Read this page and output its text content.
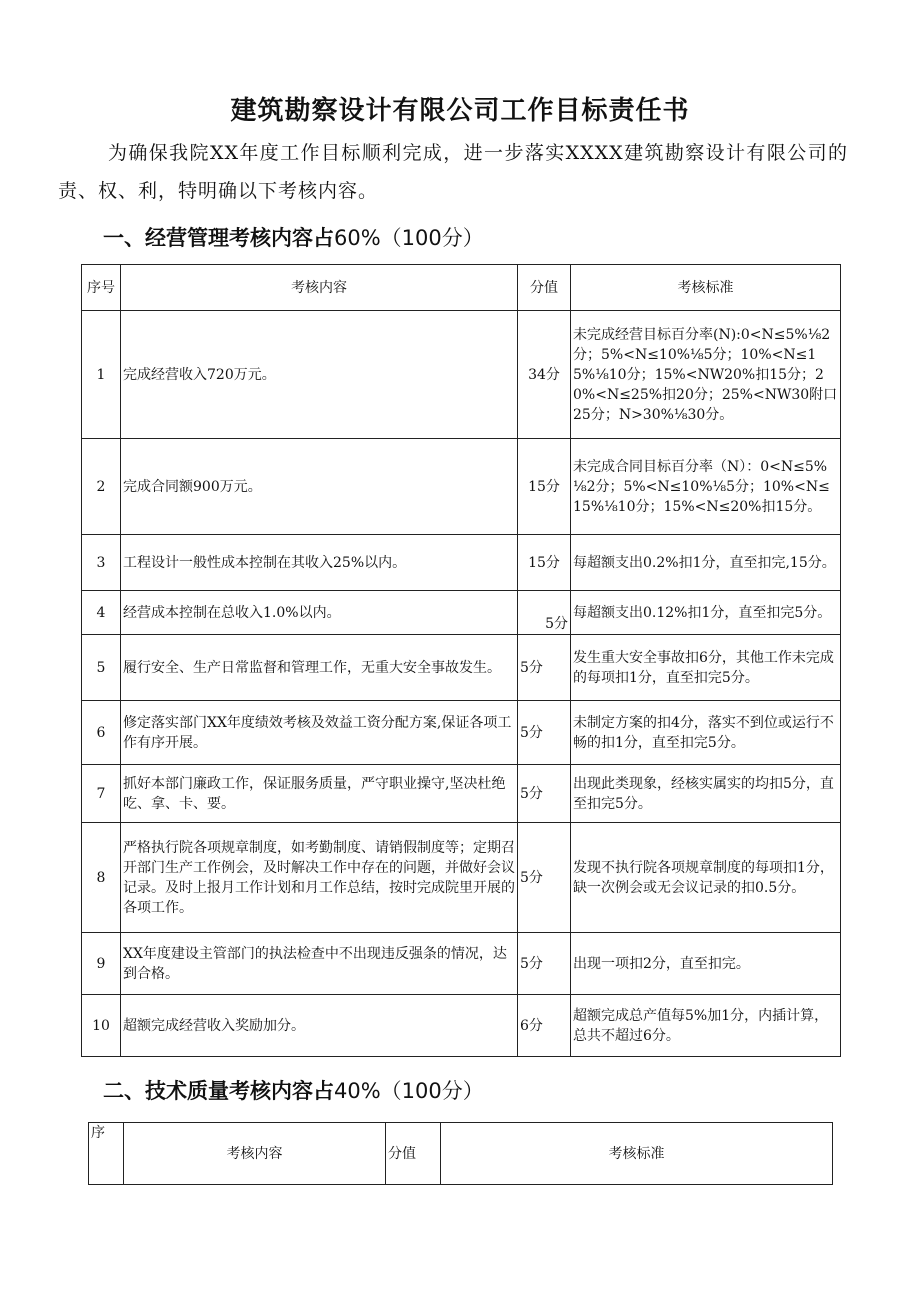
建筑勘察设计有限公司工作目标责任书
为确保我院XX年度工作目标顺利完成，进一步落实XXXX建筑勘察设计有限公司的责、权、利，特明确以下考核内容。
一、经营管理考核内容占60%（100分）
序号	考核内容	分值	考核标准
1	完成经营收入720万元。	34分	未完成经营目标百分率(N):0<N≤5%⅛2分；5%<N≤10%⅛5分；10%<N≤15%⅛10分；15%<NW20%扣15分；20%<N≤25%扣20分；25%<NW30附口25分；N>30%⅛30分。
2	完成合同额900万元。	15分	未完成合同目标百分率（N）：0<N≤5%⅛2分；5%<N≤10%⅛5分；10%<N≤15%⅛10分；15%<N≤20%扣15分。
3	工程设计一般性成本控制在其收入25%以内。	15分	每超额支出0.2%扣1分，直至扣完,15分。
4	经营成本控制在总收入1.0%以内。	5分	每超额支出0.12%扣1分，直至扣完5分。
5	履行安全、生产日常监督和管理工作，无重大安全事故发生。	5分	发生重大安全事故扣6分，其他工作未完成的每项扣1分，直至扣完5分。
6	修定落实部门XX年度绩效考核及效益工资分配方案,保证各项工作有序开展。	5分	未制定方案的扣4分，落实不到位或运行不畅的扣1分，直至扣完5分。
7	抓好本部门廉政工作，保证服务质量，严守职业操守,坚决杜绝吃、拿、卡、要。	5分	出现此类现象，经核实属实的均扣5分，直至扣完5分。
8	严格执行院各项规章制度，如考勤制度、请销假制度等；定期召开部门生产工作例会，及时解决工作中存在的问题，并做好会议记录。及时上报月工作计划和月工作总结，按时完成院里开展的各项工作。	5分	发现不执行院各项规章制度的每项扣1分，缺一次例会或无会议记录的扣0.5分。
9	XX年度建设主管部门的执法检查中不出现违反强条的情况，达到合格。	5分	出现一项扣2分，直至扣完。
10	超额完成经营收入奖励加分。	6分	超额完成总产值每5%加1分，内插计算，总共不超过6分。
二、技术质量考核内容占40%（100分）
序	考核内容	分值	考核标准
